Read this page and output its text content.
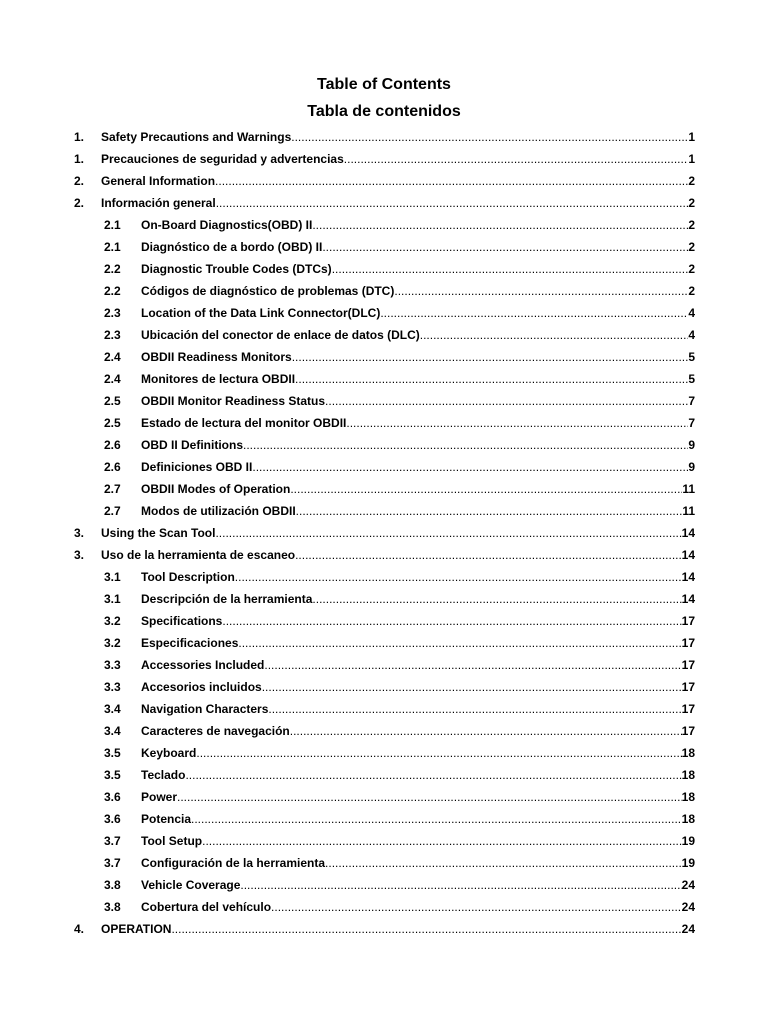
Table of Contents
Tabla de contenidos
1. Safety Precautions and Warnings .....	1
1. Precauciones de seguridad y advertencias .....	1
2. General Information .....	2
2. Información general .....	2
2.1 On-Board Diagnostics(OBD) II .....	2
2.1 Diagnóstico de a bordo (OBD) II .....	2
2.2 Diagnostic Trouble Codes (DTCs) .....	2
2.2 Códigos de diagnóstico de problemas (DTC) .....	2
2.3 Location of the Data Link Connector(DLC) .....	4
2.3 Ubicación del conector de enlace de datos (DLC) .....	4
2.4 OBDII Readiness Monitors .....	5
2.4 Monitores de lectura OBDII .....	5
2.5 OBDII Monitor Readiness Status .....	7
2.5 Estado de lectura del monitor OBDII .....	7
2.6 OBD II Definitions .....	9
2.6 Definiciones OBD II .....	9
2.7 OBDII Modes of Operation .....	11
2.7 Modos de utilización OBDII .....	11
3. Using the Scan Tool .....	14
3. Uso de la herramienta de escaneo .....	14
3.1 Tool Description .....	14
3.1 Descripción de la herramienta .....	14
3.2 Specifications .....	17
3.2 Especificaciones .....	17
3.3 Accessories Included .....	17
3.3 Accesorios incluidos .....	17
3.4 Navigation Characters .....	17
3.4 Caracteres de navegación .....	17
3.5 Keyboard .....	18
3.5 Teclado .....	18
3.6 Power .....	18
3.6 Potencia .....	18
3.7 Tool Setup .....	19
3.7 Configuración de la herramienta .....	19
3.8 Vehicle Coverage .....	24
3.8 Cobertura del vehículo .....	24
4. OPERATION .....	24
